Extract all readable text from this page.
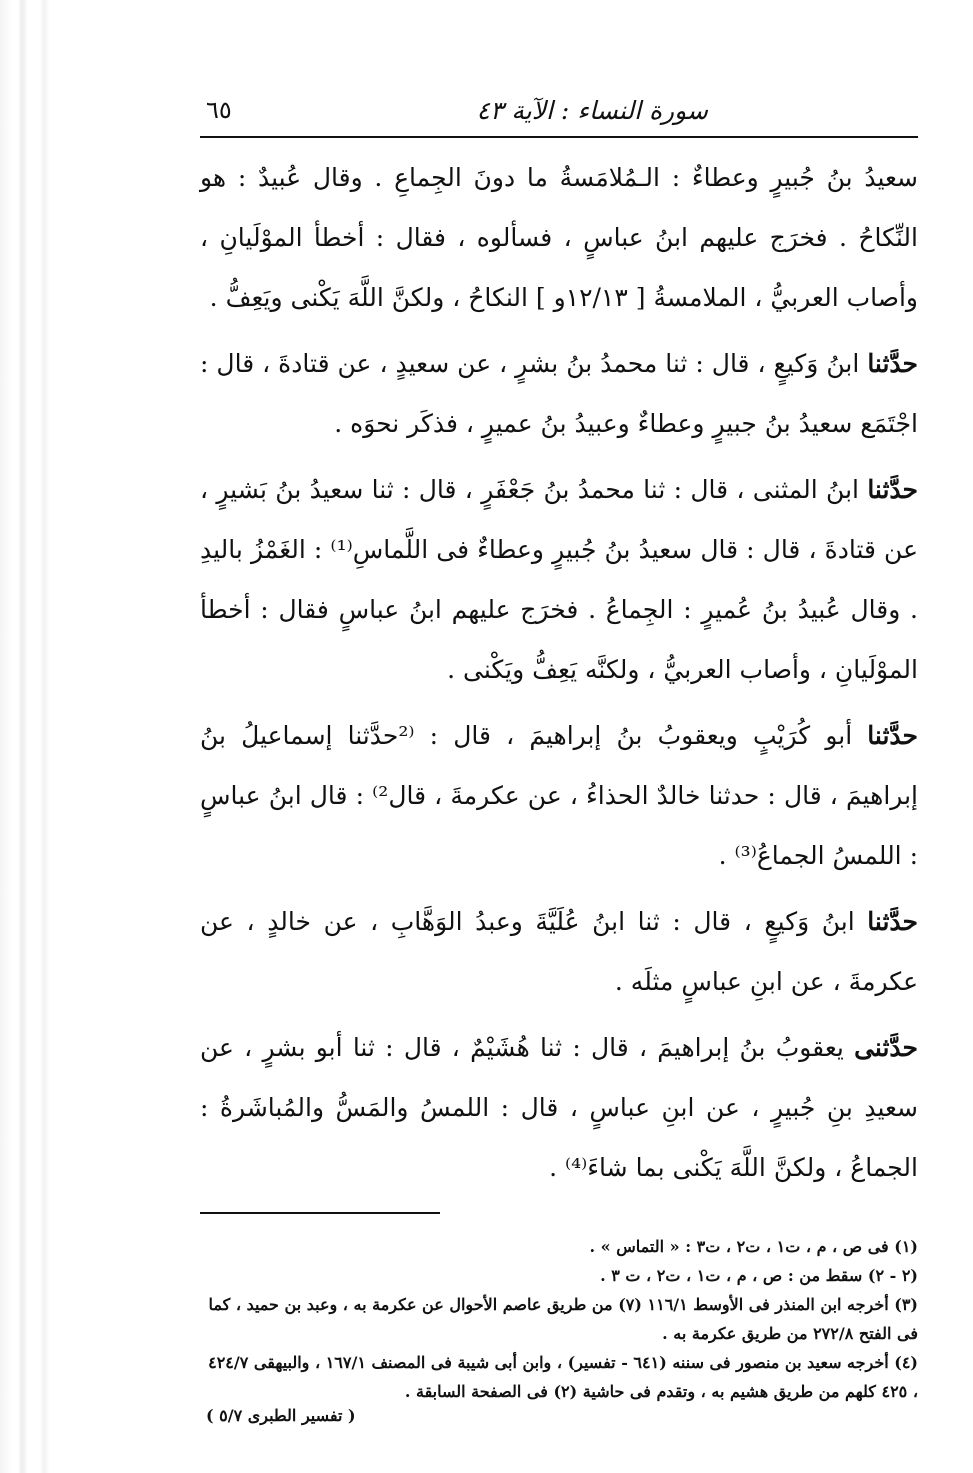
سورة النساء : الآية ٤٣
٦٥

سعيدُ بنُ جُبيرٍ وعطاءٌ : الـمُلامَسةُ ما دونَ الجِماعِ . وقال عُبيدٌ : هو النِّكاحُ . فخرَج عليهم ابنُ عباسٍ ، فسألوه ، فقال : أخطأ الموْلَيانِ ، وأصاب العربيُّ ، الملامسةُ [ ١٢/١٣و ] النكاحُ ، ولكنَّ اللَّهَ يَكْنى ويَعِفُّ .

حدَّثنا ابنُ وَكيعٍ ، قال : ثنا محمدُ بنُ بشرٍ ، عن سعيدٍ ، عن قتادةَ ، قال : اجْتَمَع سعيدُ بنُ جبيرٍ وعطاءٌ وعبيدُ بنُ عميرٍ ، فذكَر نحوَه .

حدَّثنا ابنُ المثنى ، قال : ثنا محمدُ بنُ جَعْفَرٍ ، قال : ثنا سعيدُ بنُ بَشيرٍ ، عن قتادةَ ، قال : قال سعيدُ بنُ جُبيرٍ وعطاءٌ فى اللَّماسِ⁽¹⁾ : الغَمْزُ باليدِ . وقال عُبيدُ بنُ عُميرٍ : الجِماعُ . فخرَج عليهم ابنُ عباسٍ فقال : أخطأ الموْلَيانِ ، وأصاب العربيُّ ، ولكنَّه يَعِفُّ ويَكْنى .

حدَّثنا أبو كُرَيْبٍ ويعقوبُ بنُ إبراهيمَ ، قال : ⁽²حدَّثنا إسماعيلُ بنُ إبراهيمَ ، قال : حدثنا خالدٌ الحذاءُ ، عن عكرمةَ ، قال²⁾ : قال ابنُ عباسٍ : اللمسُ الجماعُ⁽³⁾ .

حدَّثنا ابنُ وَكيعٍ ، قال : ثنا ابنُ عُلَيَّةَ وعبدُ الوَهَّابِ ، عن خالدٍ ، عن عكرمةَ ، عن ابنِ عباسٍ مثلَه .

حدَّثنى يعقوبُ بنُ إبراهيمَ ، قال : ثنا هُشَيْمٌ ، قال : ثنا أبو بشرٍ ، عن سعيدِ بنِ جُبيرٍ ، عن ابنِ عباسٍ ، قال : اللمسُ والمَسُّ والمُباشَرةُ : الجماعُ ، ولكنَّ اللَّهَ يَكْنى بما شاءَ⁽⁴⁾ .

(١) فى ص ، م ، ت١ ، ت٢ ، ت٣ : « التماس » .

(٢ - ٢) سقط من : ص ، م ، ت١ ، ت٢ ، ت ٣ .

(٣) أخرجه ابن المنذر فى الأوسط ١١٦/١ (٧) من طريق عاصم الأحوال عن عكرمة به ، وعبد بن حميد ، كما فى الفتح ٢٧٢/٨ من طريق عكرمة به .

(٤) أخرجه سعيد بن منصور فى سننه (٦٤١ - تفسير) ، وابن أبى شيبة فى المصنف ١٦٧/١ ، والبيهقى ٤٢٤/٧ ، ٤٢٥ كلهم من طريق هشيم به ، وتقدم فى حاشية (٢) فى الصفحة السابقة .

( تفسير الطبرى ٥/٧ )
